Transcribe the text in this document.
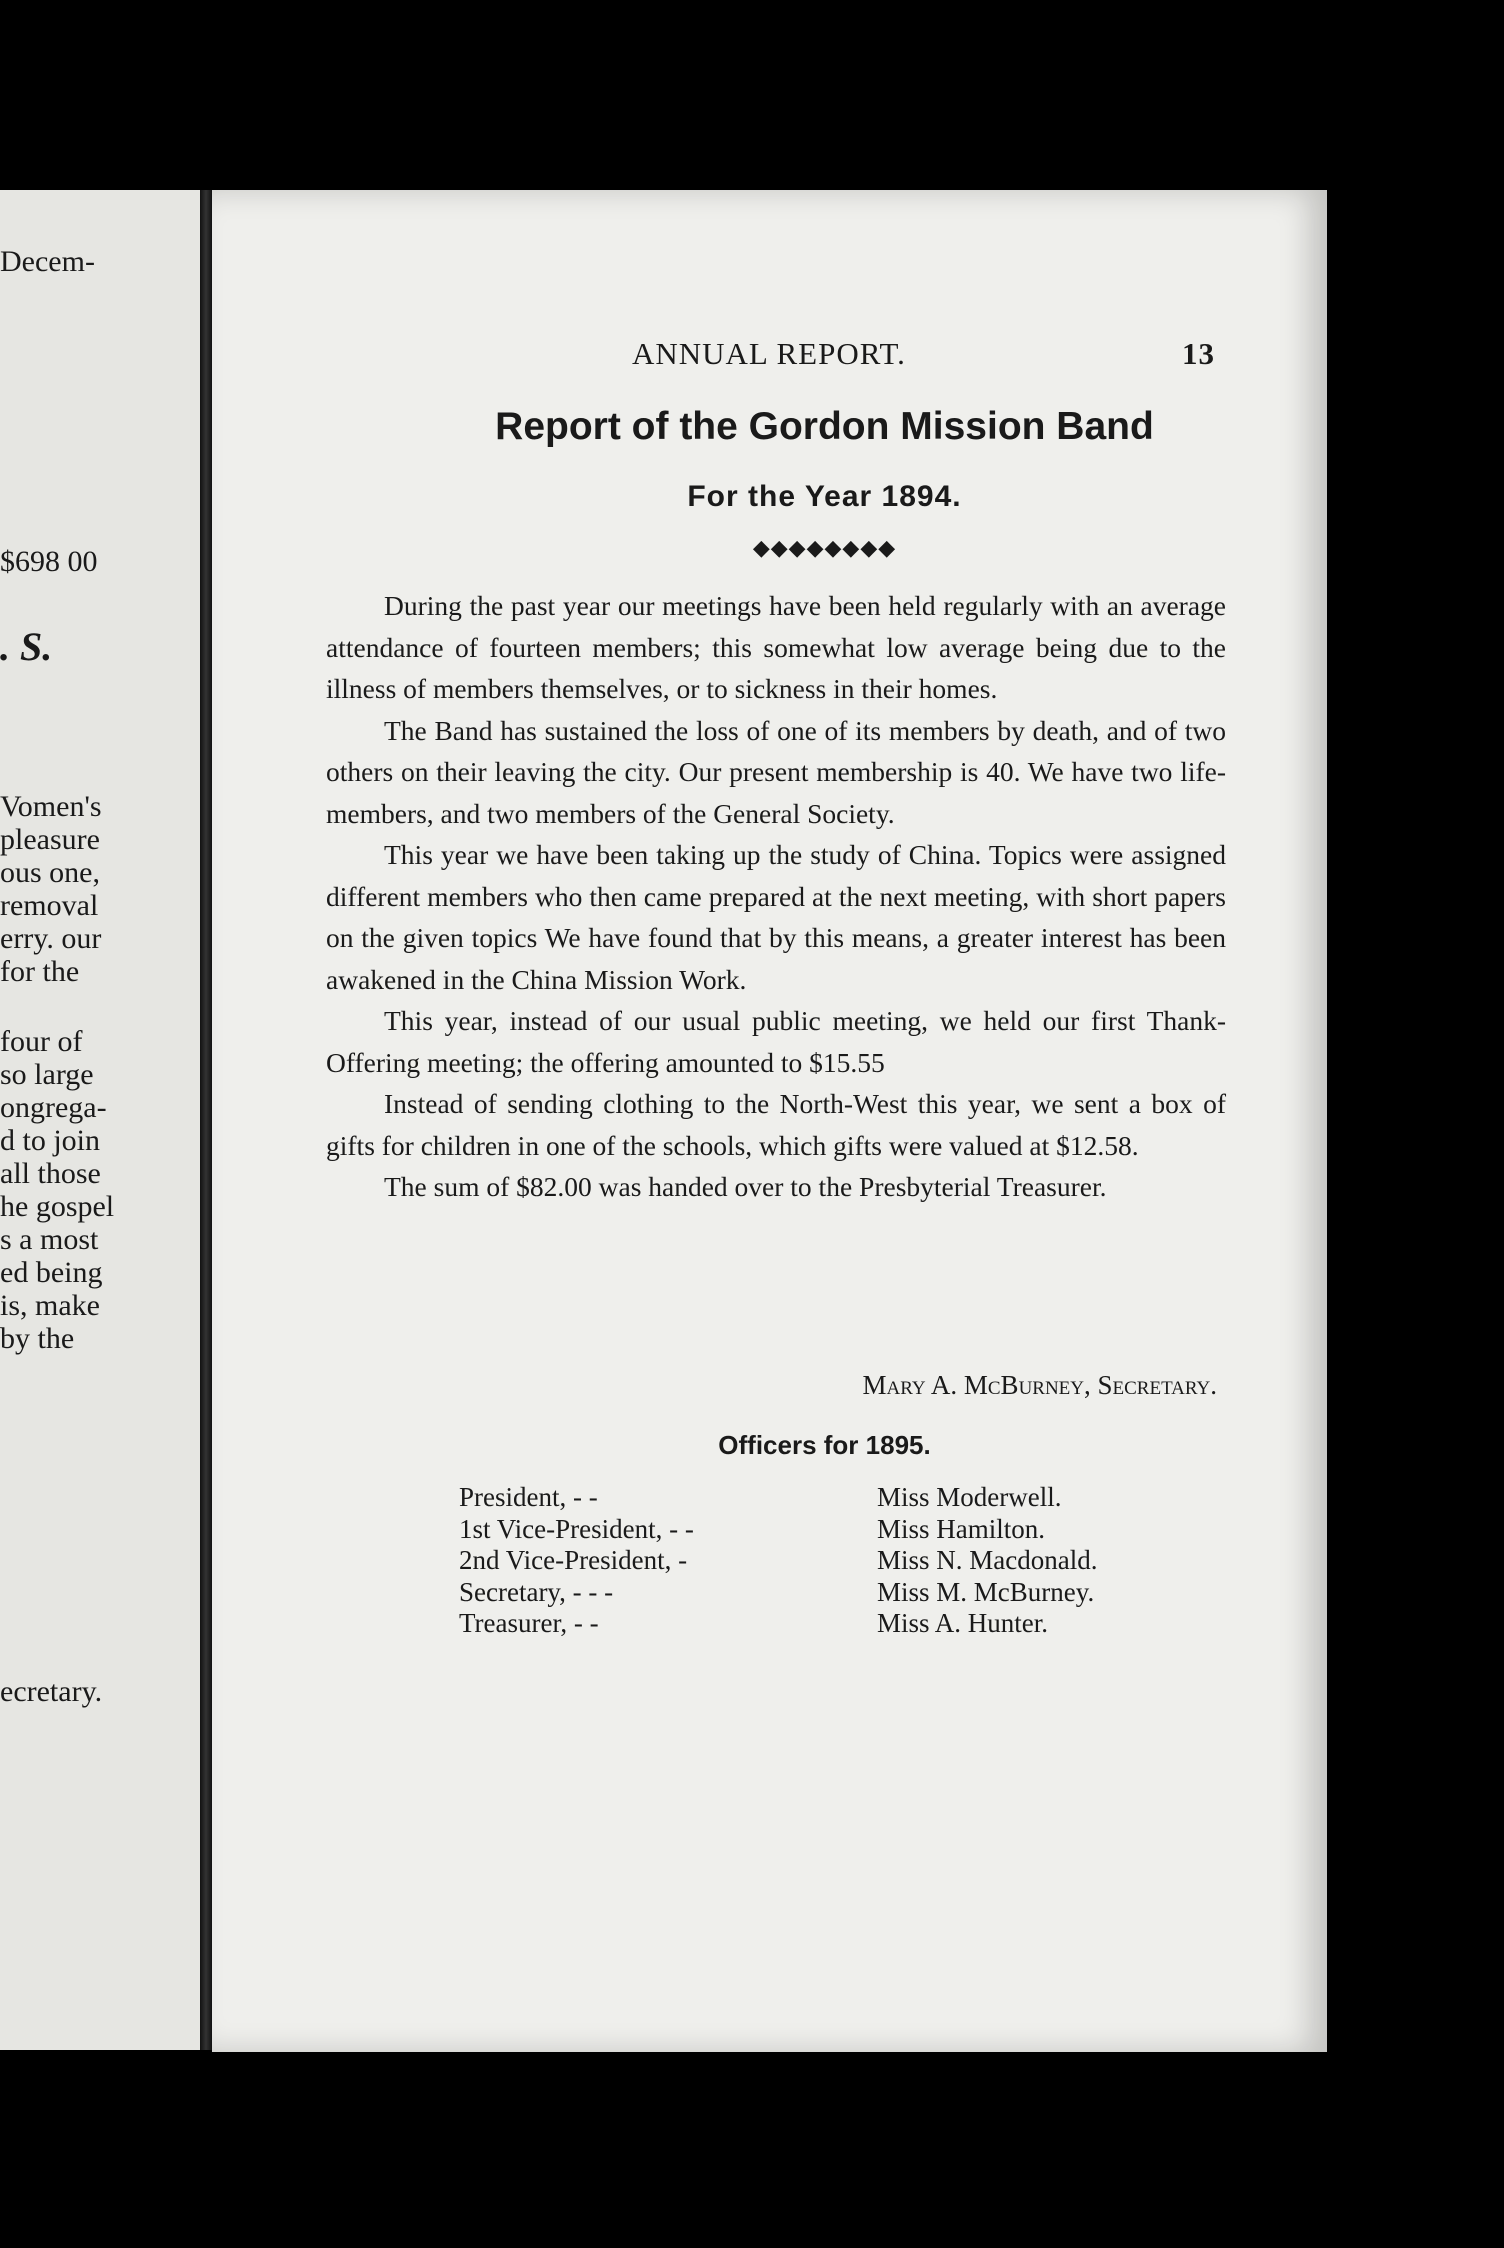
Decem-
$698 00
. S.
Vomen's
pleasure
ous one,
removal
erry. our
for the
four of
so large
ongrega-
d to join
all those
he gospel
s a most
ed being
is, make
by the
ecretary.
ANNUAL REPORT.	13
Report of the Gordon Mission Band
For the Year 1894.
◆◆◆◆◆◆◆◆

During the past year our meetings have been held regularly with an average attendance of fourteen members; this somewhat low average being due to the illness of members themselves, or to sickness in their homes.

The Band has sustained the loss of one of its members by death, and of two others on their leaving the city. Our present membership is 40. We have two life-members, and two members of the General Society.

This year we have been taking up the study of China. Topics were assigned different members who then came prepared at the next meeting, with short papers on the given topics We have found that by this means, a greater interest has been awakened in the China Mission Work.

This year, instead of our usual public meeting, we held our first Thank-Offering meeting; the offering amounted to $15.55

Instead of sending clothing to the North-West this year, we sent a box of gifts for children in one of the schools, which gifts were valued at $12.58.

The sum of $82.00 was handed over to the Presbyterial Treasurer.

Mary A. McBurney, Secretary.
Officers for 1895.
President, - -	Miss Moderwell.
1st Vice-President, - -	Miss Hamilton.
2nd Vice-President, -	Miss N. Macdonald.
Secretary, - - -	Miss M. McBurney.
Treasurer, - -	Miss A. Hunter.
